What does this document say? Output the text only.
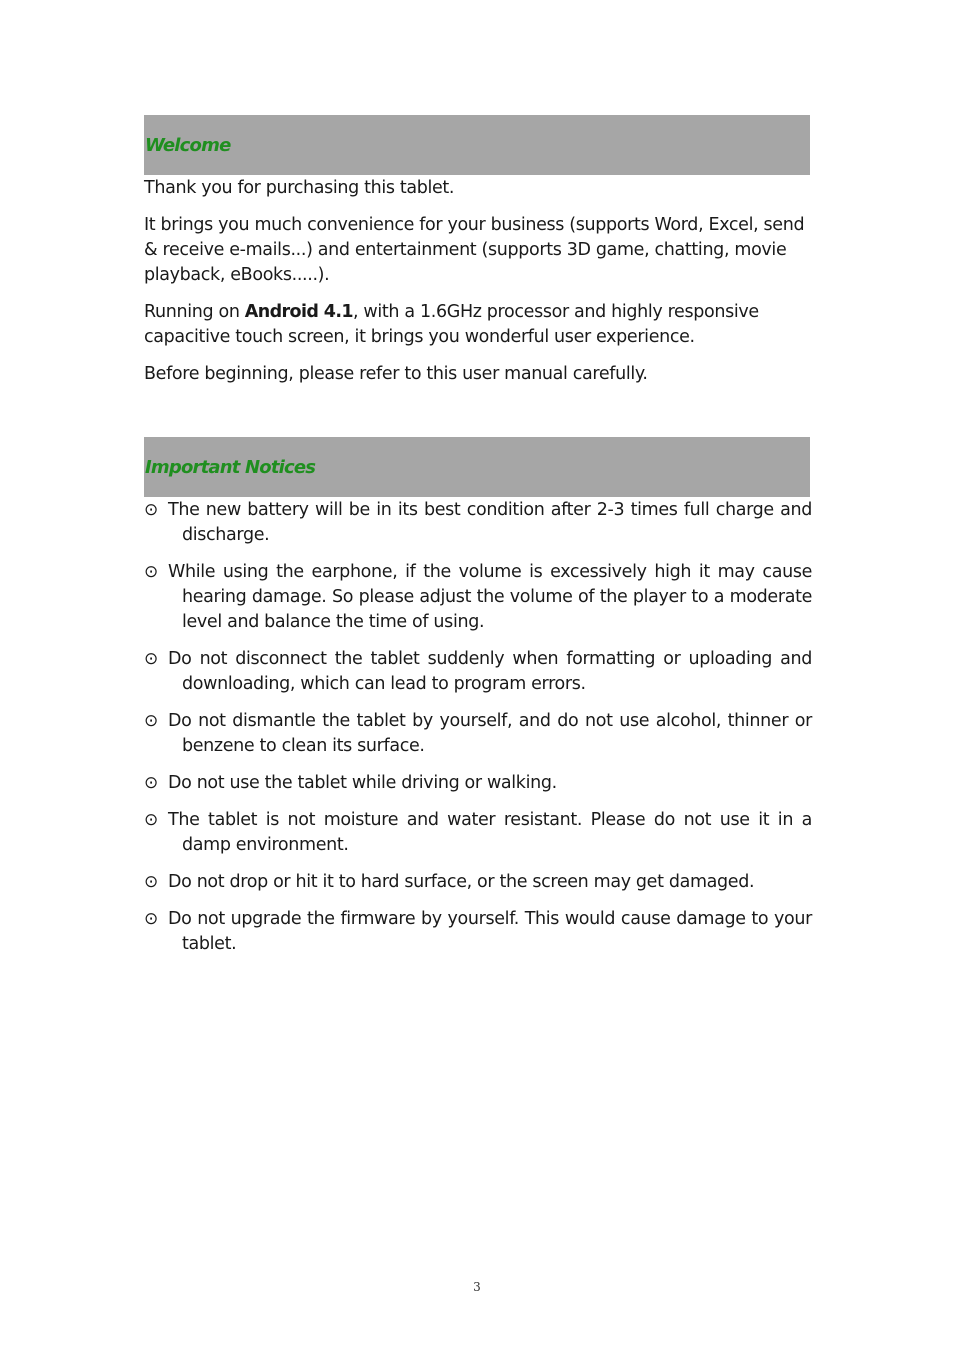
Welcome

Thank you for purchasing this tablet.

It brings you much convenience for your business (supports Word, Excel, send & receive e-mails...) and entertainment (supports 3D game, chatting, movie playback, eBooks.....).

Running on Android 4.1, with a 1.6GHz processor and highly responsive capacitive touch screen, it brings you wonderful user experience.

Before beginning, please refer to this user manual carefully.

Important Notices
⊙ The new battery will be in its best condition after 2-3 times full charge and discharge.
⊙ While using the earphone, if the volume is excessively high it may cause hearing damage. So please adjust the volume of the player to a moderate level and balance the time of using.
⊙ Do not disconnect the tablet suddenly when formatting or uploading and downloading, which can lead to program errors.
⊙ Do not dismantle the tablet by yourself, and do not use alcohol, thinner or benzene to clean its surface.
⊙ Do not use the tablet while driving or walking.
⊙ The tablet is not moisture and water resistant. Please do not use it in a damp environment.
⊙ Do not drop or hit it to hard surface, or the screen may get damaged.
⊙ Do not upgrade the firmware by yourself. This would cause damage to your tablet.
3
